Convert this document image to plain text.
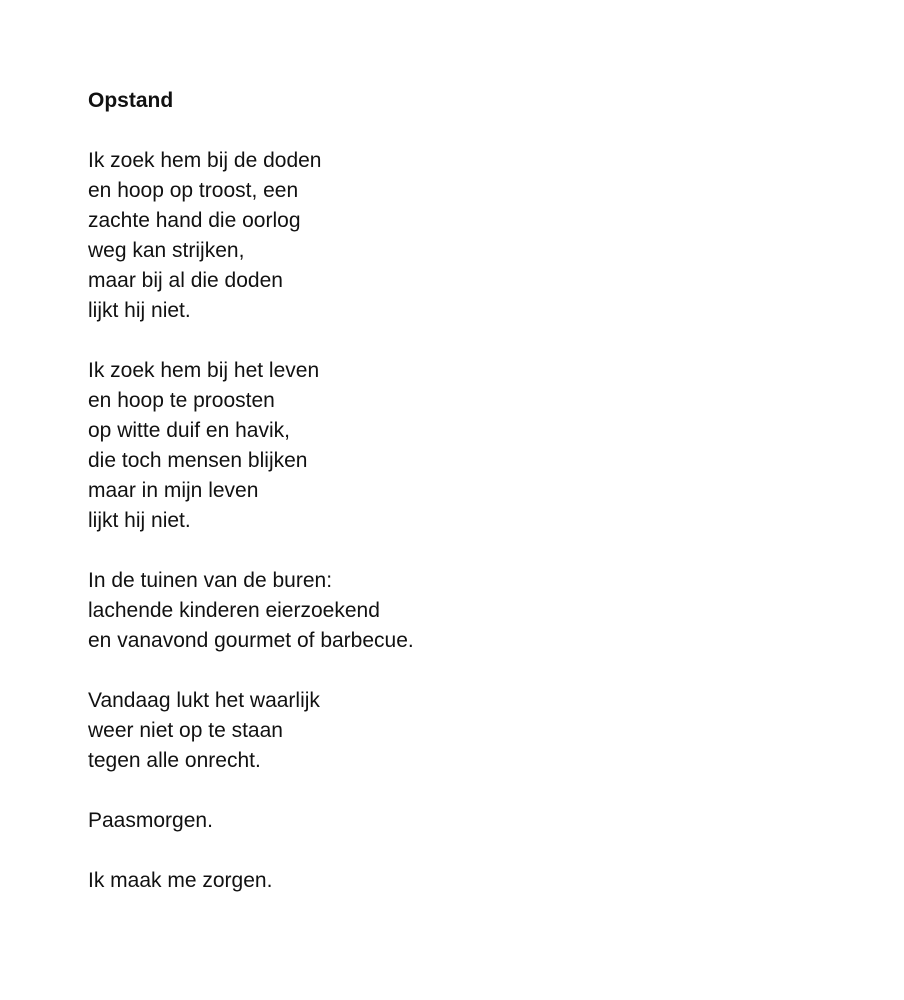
Opstand
Ik zoek hem bij de doden
en hoop op troost, een
zachte hand die oorlog
weg kan strijken,
maar bij al die doden
lijkt hij niet.
Ik zoek hem bij het leven
en hoop te proosten
op witte duif en havik,
die toch mensen blijken
maar in mijn leven
lijkt hij niet.
In de tuinen van de buren:
lachende kinderen eierzoekend
en vanavond gourmet of barbecue.
Vandaag lukt het waarlijk
weer niet op te staan
tegen alle onrecht.
Paasmorgen.
Ik maak me zorgen.
